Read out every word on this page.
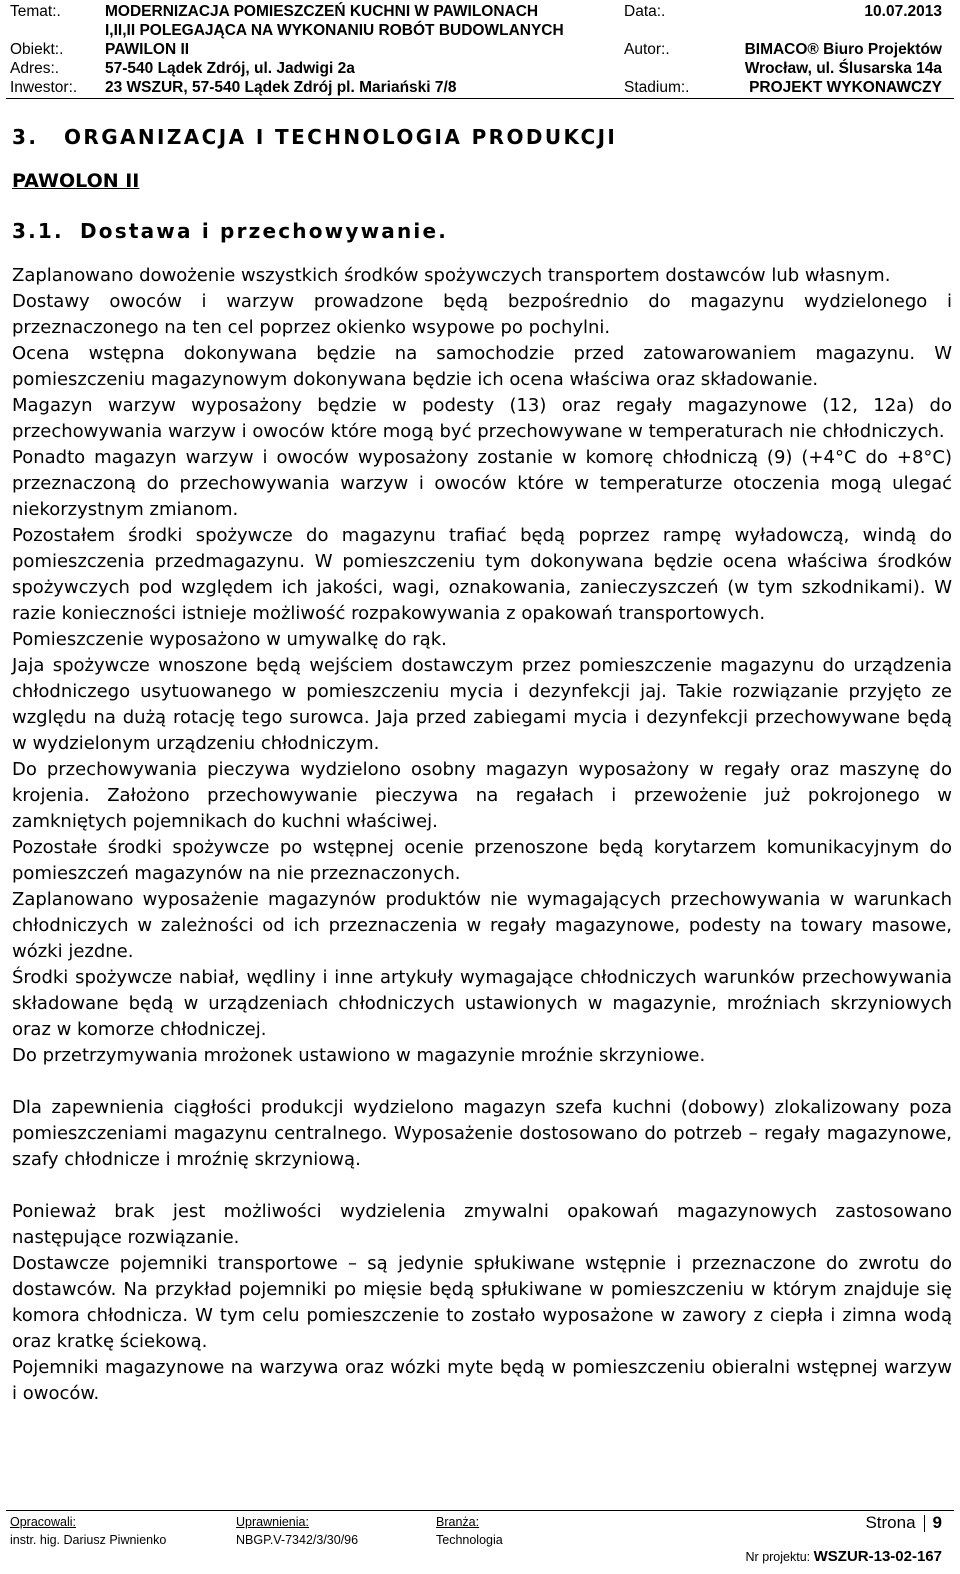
Temat:.	MODERNIZACJA POMIESZCZEŃ KUCHNI W PAWILONACH	Data:.	10.07.2013
I,II,II POLEGAJĄCA NA WYKONANIU ROBÓT BUDOWLANYCH
Obiekt:.	PAWILON II	Autor:.	BIMACO® Biuro Projektów
Adres:.	57-540 Lądek Zdrój, ul. Jadwigi 2a	Wrocław, ul. Ślusarska 14a
Inwestor:. 23 WSZUR, 57-540 Lądek Zdrój pl. Mariański 7/8	Stadium:.	PROJEKT WYKONAWCZY
3. ORGANIZACJA I TECHNOLOGIA PRODUKCJI
PAWOLON II
3.1. Dostawa i przechowywanie.

Zaplanowano dowożenie wszystkich środków spożywczych transportem dostawców lub własnym.

Dostawy owoców i warzyw prowadzone będą bezpośrednio do magazynu wydzielonego i przeznaczonego na ten cel poprzez okienko wsypowe po pochylni.

Ocena wstępna dokonywana będzie na samochodzie przed zatowarowaniem magazynu. W pomieszczeniu magazynowym dokonywana będzie ich ocena właściwa oraz składowanie.

Magazyn warzyw wyposażony będzie w podesty (13) oraz regały magazynowe (12, 12a) do przechowywania warzyw i owoców które mogą być przechowywane w temperaturach nie chłodniczych.

Ponadto magazyn warzyw i owoców wyposażony zostanie w komorę chłodniczą (9) (+4°C do +8°C) przeznaczoną do przechowywania warzyw i owoców które w temperaturze otoczenia mogą ulegać niekorzystnym zmianom.

Pozostałem środki spożywcze do magazynu trafiać będą poprzez rampę wyładowczą, windą do pomieszczenia przedmagazynu. W pomieszczeniu tym dokonywana będzie ocena właściwa środków spożywczych pod względem ich jakości, wagi, oznakowania, zanieczyszczeń (w tym szkodnikami). W razie konieczności istnieje możliwość rozpakowywania z opakowań transportowych.

Pomieszczenie wyposażono w umywalkę do rąk.

Jaja spożywcze wnoszone będą wejściem dostawczym przez pomieszczenie magazynu do urządzenia chłodniczego usytuowanego w pomieszczeniu mycia i dezynfekcji jaj. Takie rozwiązanie przyjęto ze względu na dużą rotację tego surowca. Jaja przed zabiegami mycia i dezynfekcji przechowywane będą w wydzielonym urządzeniu chłodniczym.

Do przechowywania pieczywa wydzielono osobny magazyn wyposażony w regały oraz maszynę do krojenia. Założono przechowywanie pieczywa na regałach i przewożenie już pokrojonego w zamkniętych pojemnikach do kuchni właściwej.

Pozostałe środki spożywcze po wstępnej ocenie przenoszone będą korytarzem komunikacyjnym do pomieszczeń magazynów na nie przeznaczonych.

Zaplanowano wyposażenie magazynów produktów nie wymagających przechowywania w warunkach chłodniczych w zależności od ich przeznaczenia w regały magazynowe, podesty na towary masowe, wózki jezdne.

Środki spożywcze nabiał, wędliny i inne artykuły wymagające chłodniczych warunków przechowywania składowane będą w urządzeniach chłodniczych ustawionych w magazynie, mroźniach skrzyniowych oraz w komorze chłodniczej.

Do przetrzymywania mrożonek ustawiono w magazynie mroźnie skrzyniowe.

Dla zapewnienia ciągłości produkcji wydzielono magazyn szefa kuchni (dobowy) zlokalizowany poza pomieszczeniami magazynu centralnego. Wyposażenie dostosowano do potrzeb – regały magazynowe, szafy chłodnicze i mroźnię skrzyniową.

Ponieważ brak jest możliwości wydzielenia zmywalni opakowań magazynowych zastosowano następujące rozwiązanie.

Dostawcze pojemniki transportowe – są jedynie spłukiwane wstępnie i przeznaczone do zwrotu do dostawców. Na przykład pojemniki po mięsie będą spłukiwane w pomieszczeniu w którym znajduje się komora chłodnicza. W tym celu pomieszczenie to zostało wyposażone w zawory z ciepła i zimna wodą oraz kratkę ściekową.

Pojemniki magazynowe na warzywa oraz wózki myte będą w pomieszczeniu obieralni wstępnej warzyw i owoców.

Opracowali:
instr. hig. Dariusz Piwnienko
Uprawnienia:
NBGP.V-7342/3/30/96
Branża:
Technologia
Strona 9
Nr projektu: WSZUR-13-02-167
